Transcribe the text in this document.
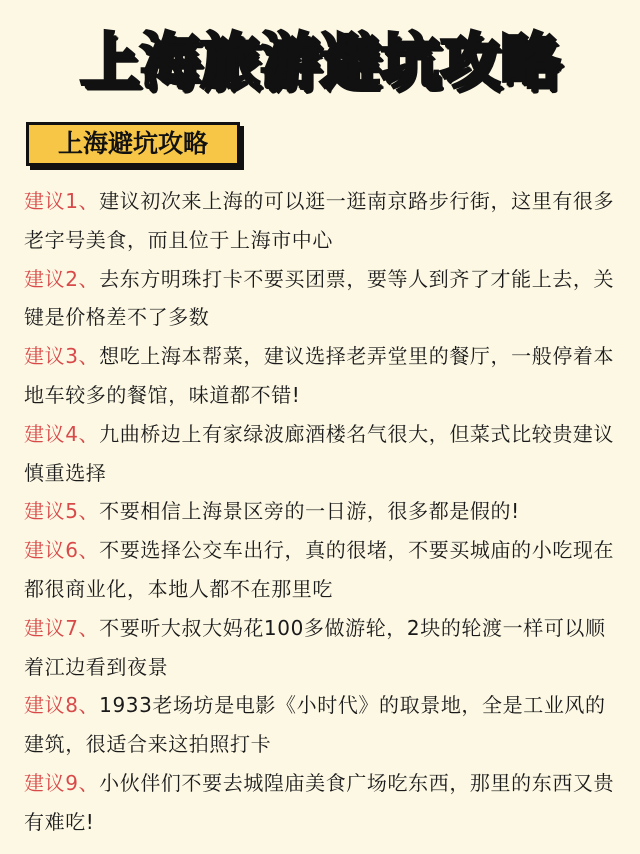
上海旅游避坑攻略
上海避坑攻略
建议1、建议初次来上海的可以逛一逛南京路步行街，这里有很多老字号美食，而且位于上海市中心
建议2、去东方明珠打卡不要买团票，要等人到齐了才能上去，关键是价格差不了多数
建议3、想吃上海本帮菜，建议选择老弄堂里的餐厅，一般停着本地车较多的餐馆，味道都不错!
建议4、九曲桥边上有家绿波廊酒楼名气很大，但菜式比较贵建议慎重选择
建议5、不要相信上海景区旁的一日游，很多都是假的!
建议6、不要选择公交车出行，真的很堵，不要买城庙的小吃现在都很商业化，本地人都不在那里吃
建议7、不要听大叔大妈花100多做游轮，2块的轮渡一样可以顺着江边看到夜景
建议8、1933老场坊是电影《小时代》的取景地，全是工业风的建筑，很适合来这拍照打卡
建议9、小伙伴们不要去城隍庙美食广场吃东西，那里的东西又贵有难吃!
